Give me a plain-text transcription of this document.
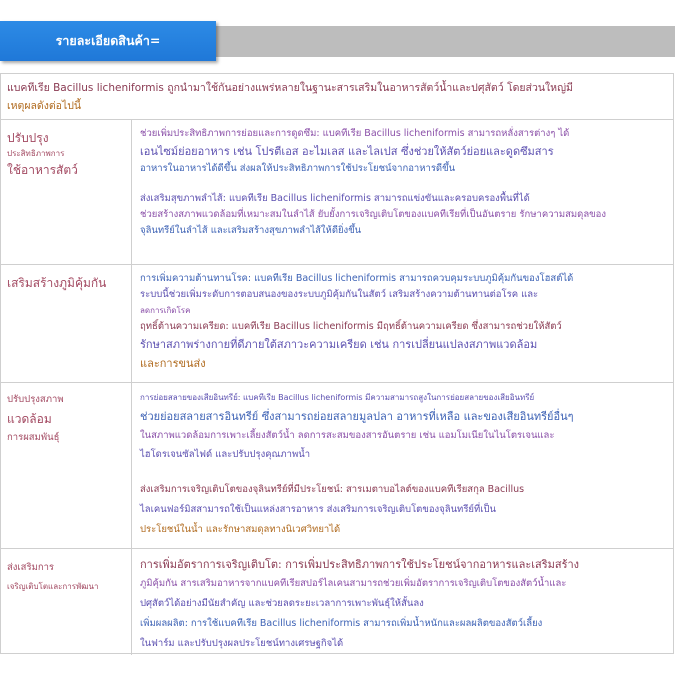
รายละเอียดสินค้า=
แบคทีเรีย Bacillus licheniformis ถูกนำมาใช้กันอย่างแพร่หลายในฐานะสารเสริมในอาหารสัตว์น้ำและปศุสัตว์ โดยส่วนใหญ่มี
เหตุผลดังต่อไปนี้
ปรับปรุง
ประสิทธิภาพการ
ใช้อาหารสัตว์
ช่วยเพิ่มประสิทธิภาพการย่อยและการดูดซึม: แบคทีเรีย Bacillus licheniformis สามารถหลั่งสารต่างๆ ได้
เอนไซม์ย่อยอาหาร เช่น โปรตีเอส อะไมเลส และไลเปส ซึ่งช่วยให้สัตว์ย่อยและดูดซึมสาร
อาหารในอาหารได้ดีขึ้น ส่งผลให้ประสิทธิภาพการใช้ประโยชน์จากอาหารดีขึ้น
ส่งเสริมสุขภาพลำไส้: แบคทีเรีย Bacillus licheniformis สามารถแข่งขันและครอบครองพื้นที่ได้
ช่วยสร้างสภาพแวดล้อมที่เหมาะสมในลำไส้ ยับยั้งการเจริญเติบโตของแบคทีเรียที่เป็นอันตราย รักษาความสมดุลของ
จุลินทรีย์ในลำไส้ และเสริมสร้างสุขภาพลำไส้ให้ดียิ่งขึ้น
เสริมสร้างภูมิคุ้มกัน	การเพิ่มความต้านทานโรค: แบคทีเรีย Bacillus licheniformis สามารถควบคุมระบบภูมิคุ้มกันของโฮสต์ได้
ระบบนี้ช่วยเพิ่มระดับการตอบสนองของระบบภูมิคุ้มกันในสัตว์ เสริมสร้างความต้านทานต่อโรค และ
ลดการเกิดโรค
ฤทธิ์ต้านความเครียด: แบคทีเรีย Bacillus licheniformis มีฤทธิ์ต้านความเครียด ซึ่งสามารถช่วยให้สัตว์
รักษาสภาพร่างกายที่ดีภายใต้สภาวะความเครียด เช่น การเปลี่ยนแปลงสภาพแวดล้อม
และการขนส่ง
ปรับปรุงสภาพ
แวดล้อม
การผสมพันธุ์
การย่อยสลายของเสียอินทรีย์: แบคทีเรีย Bacillus licheniformis มีความสามารถสูงในการย่อยสลายของเสียอินทรีย์
ช่วยย่อยสลายสารอินทรีย์ ซึ่งสามารถย่อยสลายมูลปลา อาหารที่เหลือ และของเสียอินทรีย์อื่นๆ
ในสภาพแวดล้อมการเพาะเลี้ยงสัตว์น้ำ ลดการสะสมของสารอันตราย เช่น แอมโมเนียในไนโตรเจนและ
ไฮโดรเจนซัลไฟด์ และปรับปรุงคุณภาพน้ำ
ส่งเสริมการเจริญเติบโตของจุลินทรีย์ที่มีประโยชน์: สารเมตาบอไลต์ของแบคทีเรียสกุล Bacillus
ไลเคนฟอร์มิสสามารถใช้เป็นแหล่งสารอาหาร ส่งเสริมการเจริญเติบโตของจุลินทรีย์ที่เป็น
ประโยชน์ในน้ำ และรักษาสมดุลทางนิเวศวิทยาได้
ส่งเสริมการ
เจริญเติบโตและการพัฒนา
การเพิ่มอัตราการเจริญเติบโต: การเพิ่มประสิทธิภาพการใช้ประโยชน์จากอาหารและเสริมสร้าง
ภูมิคุ้มกัน สารเสริมอาหารจากแบคทีเรียสปอร์ไลเคนสามารถช่วยเพิ่มอัตราการเจริญเติบโตของสัตว์น้ำและ
ปศุสัตว์ได้อย่างมีนัยสำคัญ และช่วยลดระยะเวลาการเพาะพันธุ์ให้สั้นลง
เพิ่มผลผลิต: การใช้แบคทีเรีย Bacillus licheniformis สามารถเพิ่มน้ำหนักและผลผลิตของสัตว์เลี้ยง
ในฟาร์ม และปรับปรุงผลประโยชน์ทางเศรษฐกิจได้
